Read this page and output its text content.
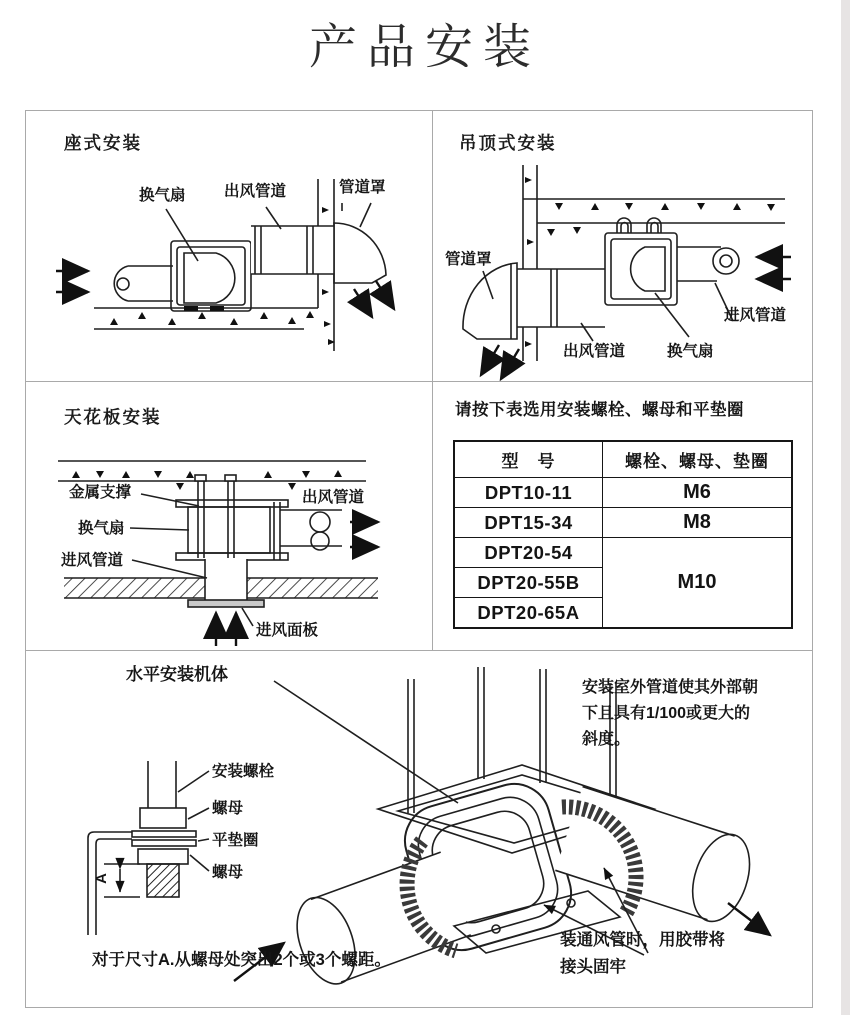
产品安装
座式安装
换气扇 出风管道	管道罩
吊顶式安装
管道罩
出风管道	换气扇
进风管道
天花板安装
金属支撑
换气扇
进风管道
出风管道
进风面板
请按下表选用安装螺栓、螺母和平垫圈
型　号	螺栓、螺母、垫圈
DPT10-11	M6
DPT15-34	M8
DPT20-54	M10
DPT20-55B	
DPT20-65A	
水平安装机体
安装室外管道使其外部朝下且具有1/100或更大的斜度。
安装螺栓
螺母
平垫圈
螺母
A
对于尺寸A.从螺母处突出2个或3个螺距。
装通风管时，用胶带将接头固牢
